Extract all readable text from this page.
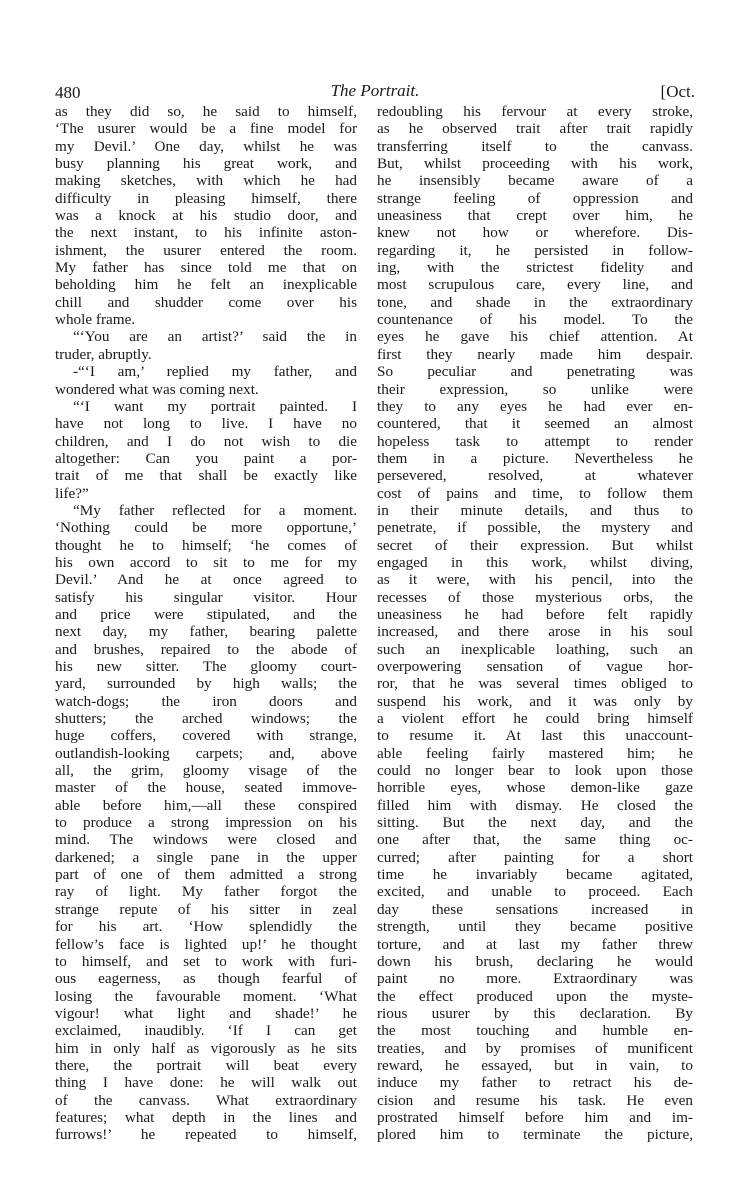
480	The Portrait.	[Oct.
as they did so, he said to himself,
‘The usurer would be a fine model for
my Devil.’ One day, whilst he was
busy planning his great work, and
making sketches, with which he had
difficulty in pleasing himself, there
was a knock at his studio door, and
the next instant, to his infinite aston-
ishment, the usurer entered the room.
My father has since told me that on
beholding him he felt an inexplicable
chill and shudder come over his
whole frame.
“‘You are an artist?’ said the in
truder, abruptly.
-“‘I am,’ replied my father, and
wondered what was coming next.
“‘I want my portrait painted. I
have not long to live. I have no
children, and I do not wish to die
altogether: Can you paint a por-
trait of me that shall be exactly like
life?”
“My father reflected for a moment.
‘Nothing could be more opportune,’
thought he to himself; ‘he comes of
his own accord to sit to me for my
Devil.’ And he at once agreed to
satisfy his singular visitor. Hour
and price were stipulated, and the
next day, my father, bearing palette
and brushes, repaired to the abode of
his new sitter. The gloomy court-
yard, surrounded by high walls; the
watch-dogs; the iron doors and
shutters; the arched windows; the
huge coffers, covered with strange,
outlandish-looking carpets; and, above
all, the grim, gloomy visage of the
master of the house, seated immove-
able before him,—all these conspired
to produce a strong impression on his
mind. The windows were closed and
darkened; a single pane in the upper
part of one of them admitted a strong
ray of light. My father forgot the
strange repute of his sitter in zeal
for his art. ‘How splendidly the
fellow’s face is lighted up!’ he thought
to himself, and set to work with furi-
ous eagerness, as though fearful of
losing the favourable moment. ‘What
vigour! what light and shade!’ he
exclaimed, inaudibly. ‘If I can get
him in only half as vigorously as he sits
there, the portrait will beat every
thing I have done: he will walk out
of the canvass. What extraordinary
features; what depth in the lines and
furrows!’ he repeated to himself,
redoubling his fervour at every stroke,
as he observed trait after trait rapidly
transferring itself to the canvass.
But, whilst proceeding with his work,
he insensibly became aware of a
strange feeling of oppression and
uneasiness that crept over him, he
knew not how or wherefore. Dis-
regarding it, he persisted in follow-
ing, with the strictest fidelity and
most scrupulous care, every line, and
tone, and shade in the extraordinary
countenance of his model. To the
eyes he gave his chief attention. At
first they nearly made him despair.
So peculiar and penetrating was
their expression, so unlike were
they to any eyes he had ever en-
countered, that it seemed an almost
hopeless task to attempt to render
them in a picture. Nevertheless he
persevered, resolved, at whatever
cost of pains and time, to follow them
in their minute details, and thus to
penetrate, if possible, the mystery and
secret of their expression. But whilst
engaged in this work, whilst diving,
as it were, with his pencil, into the
recesses of those mysterious orbs, the
uneasiness he had before felt rapidly
increased, and there arose in his soul
such an inexplicable loathing, such an
overpowering sensation of vague hor-
ror, that he was several times obliged to
suspend his work, and it was only by
a violent effort he could bring himself
to resume it. At last this unaccount-
able feeling fairly mastered him; he
could no longer bear to look upon those
horrible eyes, whose demon-like gaze
filled him with dismay. He closed the
sitting. But the next day, and the
one after that, the same thing oc-
curred; after painting for a short
time he invariably became agitated,
excited, and unable to proceed. Each
day these sensations increased in
strength, until they became positive
torture, and at last my father threw
down his brush, declaring he would
paint no more. Extraordinary was
the effect produced upon the myste-
rious usurer by this declaration. By
the most touching and humble en-
treaties, and by promises of munificent
reward, he essayed, but in vain, to
induce my father to retract his de-
cision and resume his task. He even
prostrated himself before him and im-
plored him to terminate the picture,
